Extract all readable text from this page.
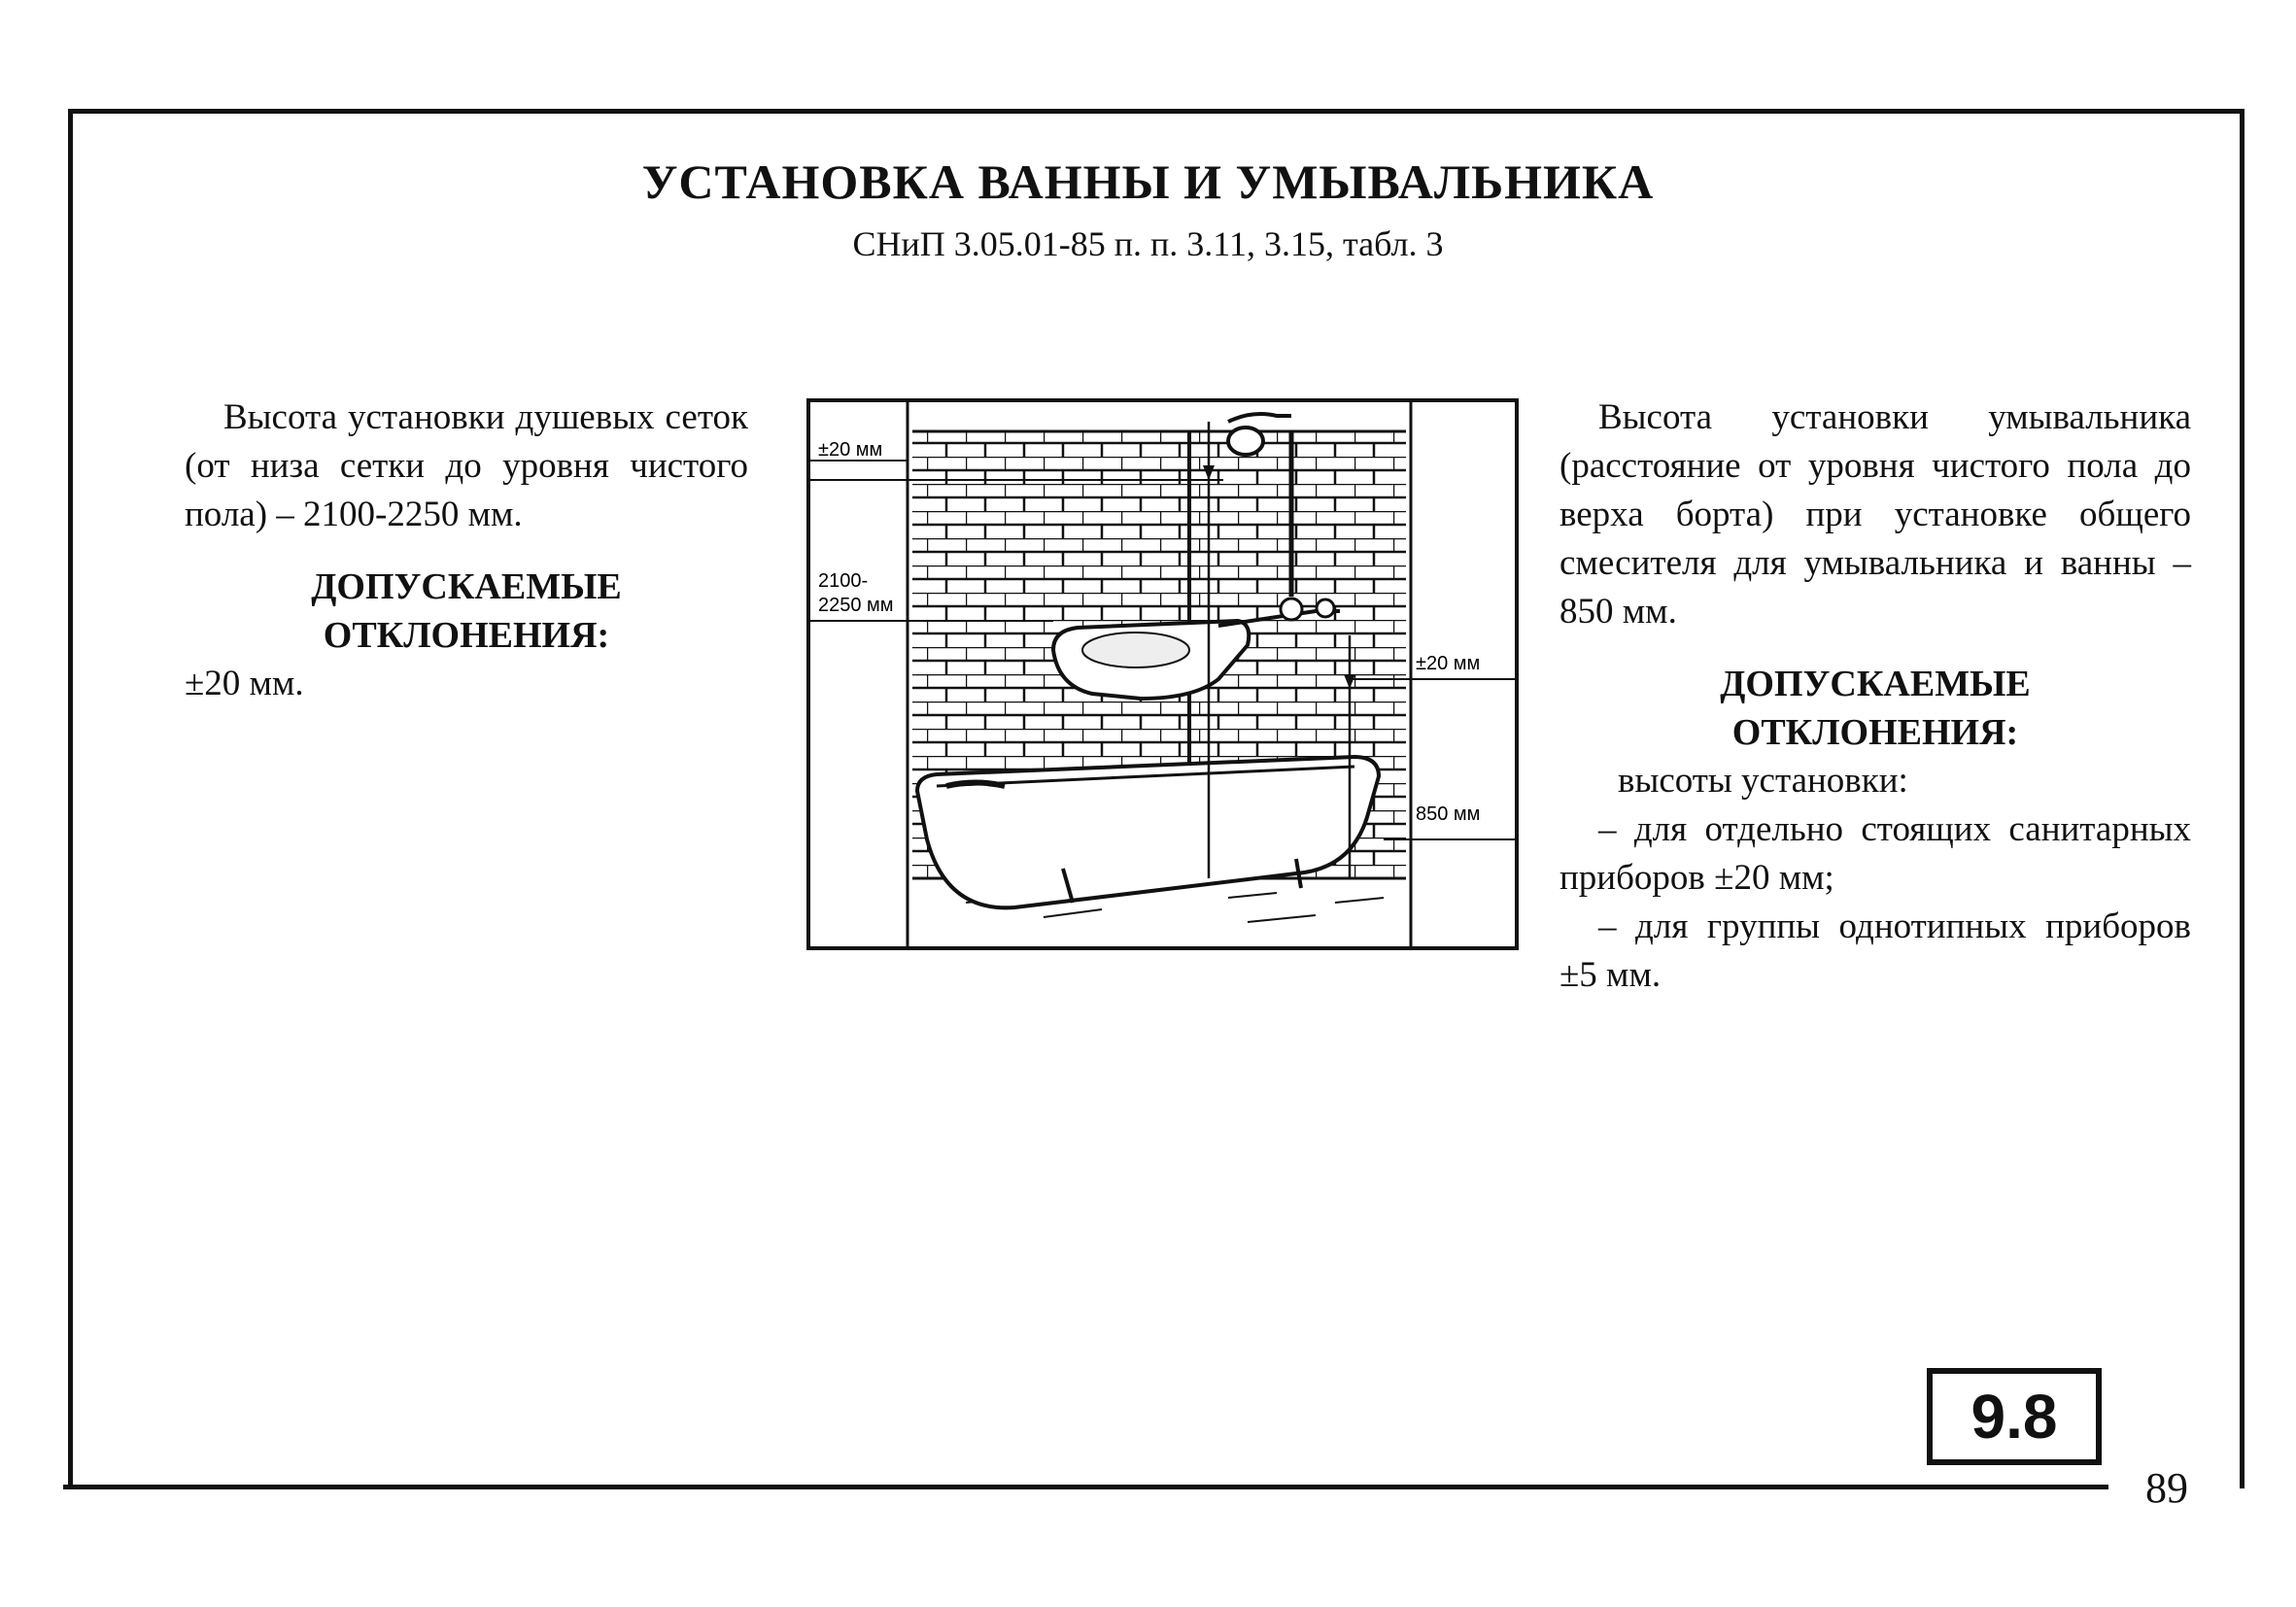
УСТАНОВКА ВАННЫ И УМЫВАЛЬНИКА
СНиП 3.05.01-85 п. п. 3.11, 3.15, табл. 3

Высота установки душевых сеток (от низа сетки до уровня чистого пола) – 2100-2250 мм.

ДОПУСКАЕМЫЕ
ОТКЛОНЕНИЯ:
±20 мм.
±20 мм
2100-
2250 мм
±20 мм
850 мм

Высота установки умывальника (расстояние от уровня чистого пола до верха борта) при установке общего смесителя для умывальника и ванны – 850 мм.

ДОПУСКАЕМЫЕ
ОТКЛОНЕНИЯ:
высоты установки:

– для отдельно стоящих санитарных приборов ±20 мм;

– для группы однотипных приборов ±5 мм.

9.8
89
